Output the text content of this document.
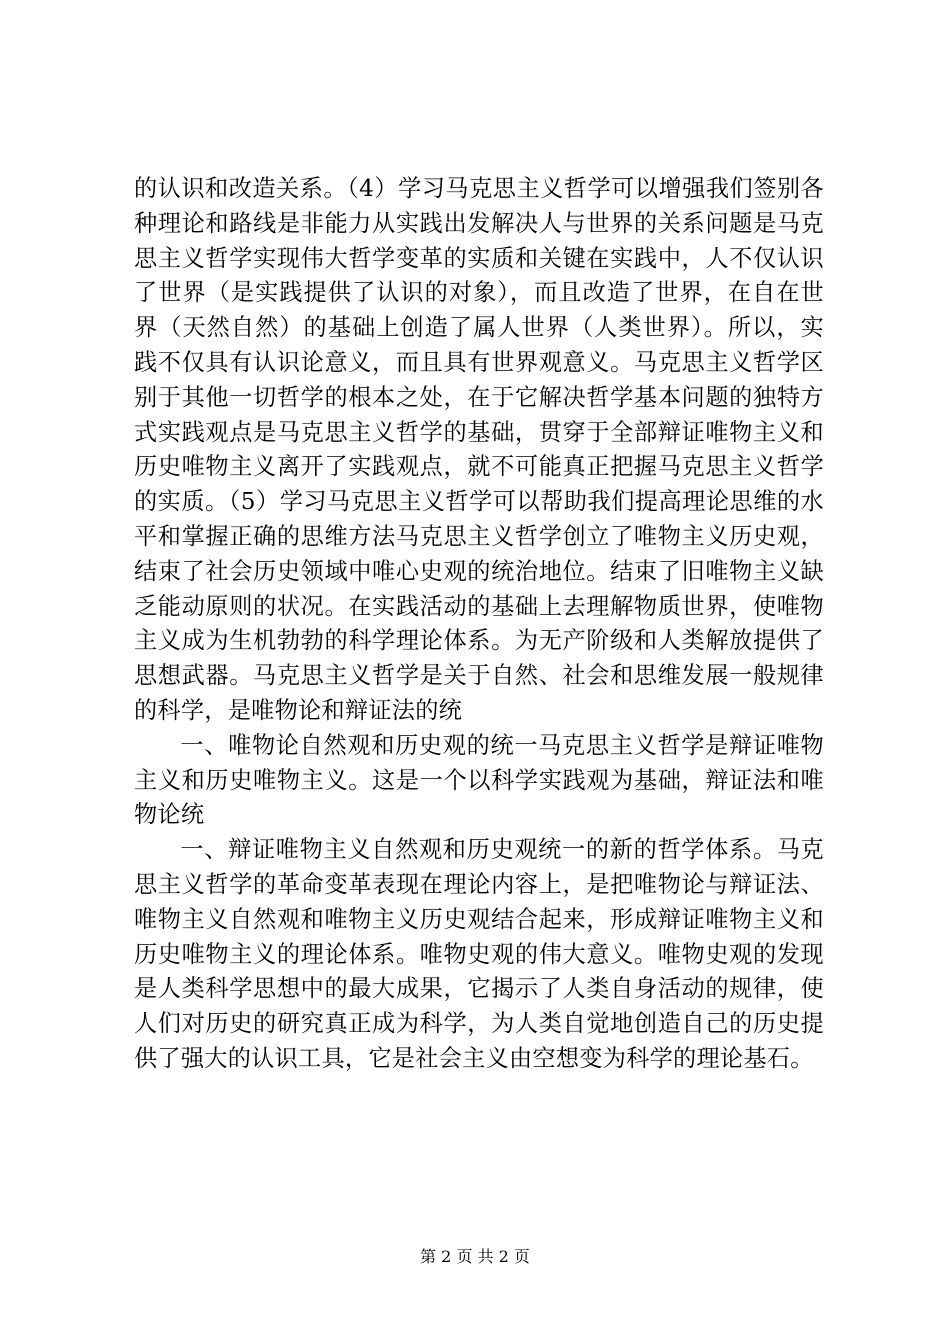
的认识和改造关系。（4）学习马克思主义哲学可以增强我们签别各种理论和路线是非能力从实践出发解决人与世界的关系问题是马克思主义哲学实现伟大哲学变革的实质和关键在实践中，人不仅认识了世界（是实践提供了认识的对象），而且改造了世界，在自在世界（天然自然）的基础上创造了属人世界（人类世界）。所以，实践不仅具有认识论意义，而且具有世界观意义。马克思主义哲学区别于其他一切哲学的根本之处，在于它解决哲学基本问题的独特方式实践观点是马克思主义哲学的基础，贯穿于全部辩证唯物主义和历史唯物主义离开了实践观点，就不可能真正把握马克思主义哲学的实质。（5）学习马克思主义哲学可以帮助我们提高理论思维的水平和掌握正确的思维方法马克思主义哲学创立了唯物主义历史观，结束了社会历史领域中唯心史观的统治地位。结束了旧唯物主义缺乏能动原则的状况。在实践活动的基础上去理解物质世界，使唯物主义成为生机勃勃的科学理论体系。为无产阶级和人类解放提供了思想武器。马克思主义哲学是关于自然、社会和思维发展一般规律的科学，是唯物论和辩证法的统

一、唯物论自然观和历史观的统一马克思主义哲学是辩证唯物主义和历史唯物主义。这是一个以科学实践观为基础，辩证法和唯物论统

一、辩证唯物主义自然观和历史观统一的新的哲学体系。马克思主义哲学的革命变革表现在理论内容上，是把唯物论与辩证法、唯物主义自然观和唯物主义历史观结合起来，形成辩证唯物主义和历史唯物主义的理论体系。唯物史观的伟大意义。唯物史观的发现是人类科学思想中的最大成果，它揭示了人类自身活动的规律，使人们对历史的研究真正成为科学，为人类自觉地创造自己的历史提供了强大的认识工具，它是社会主义由空想变为科学的理论基石。

第 2 页 共 2 页
